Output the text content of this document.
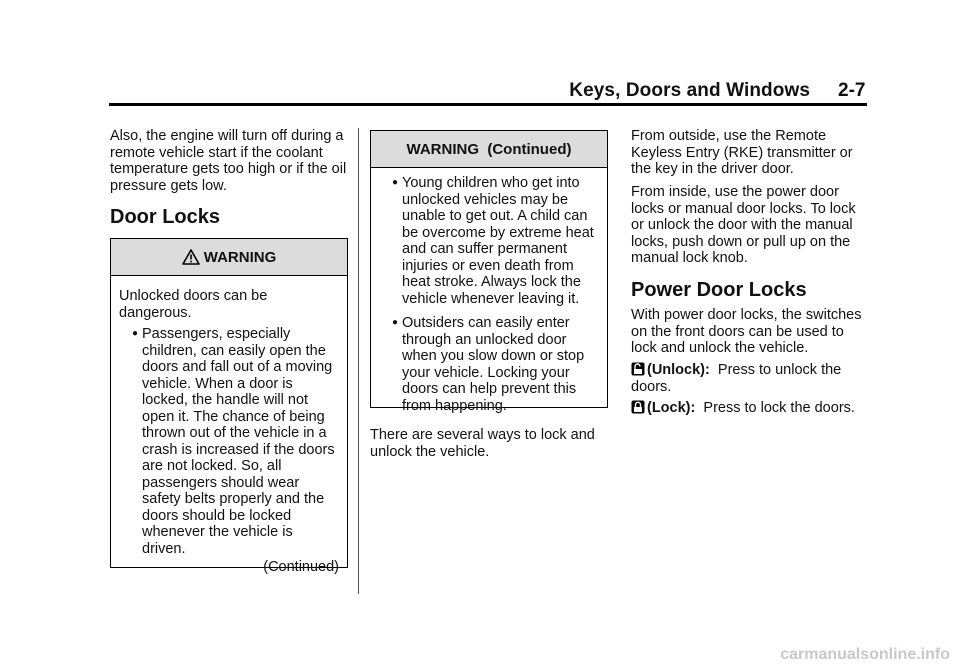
Keys, Doors and Windows 2-7

Also, the engine will turn off during a remote vehicle start if the coolant temperature gets too high or if the oil pressure gets low.

Door Locks
WARNING
Unlocked doors can be dangerous.
● Passengers, especially children, can easily open the doors and fall out of a moving vehicle. When a door is locked, the handle will not open it. The chance of being thrown out of the vehicle in a crash is increased if the doors are not locked. So, all passengers should wear safety belts properly and the doors should be locked whenever the vehicle is driven.
(Continued)
WARNING  (Continued)
● Young children who get into unlocked vehicles may be unable to get out. A child can be overcome by extreme heat and can suffer permanent injuries or even death from heat stroke. Always lock the vehicle whenever leaving it.
● Outsiders can easily enter through an unlocked door when you slow down or stop your vehicle. Locking your doors can help prevent this from happening.

There are several ways to lock and unlock the vehicle.

From outside, use the Remote Keyless Entry (RKE) transmitter or the key in the driver door.

From inside, use the power door locks or manual door locks. To lock or unlock the door with the manual locks, push down or pull up on the manual lock knob.

Power Door Locks

With power door locks, the switches on the front doors can be used to lock and unlock the vehicle.

(Unlock): Press to unlock the doors.

(Lock): Press to lock the doors.

carmanualsonline.info
